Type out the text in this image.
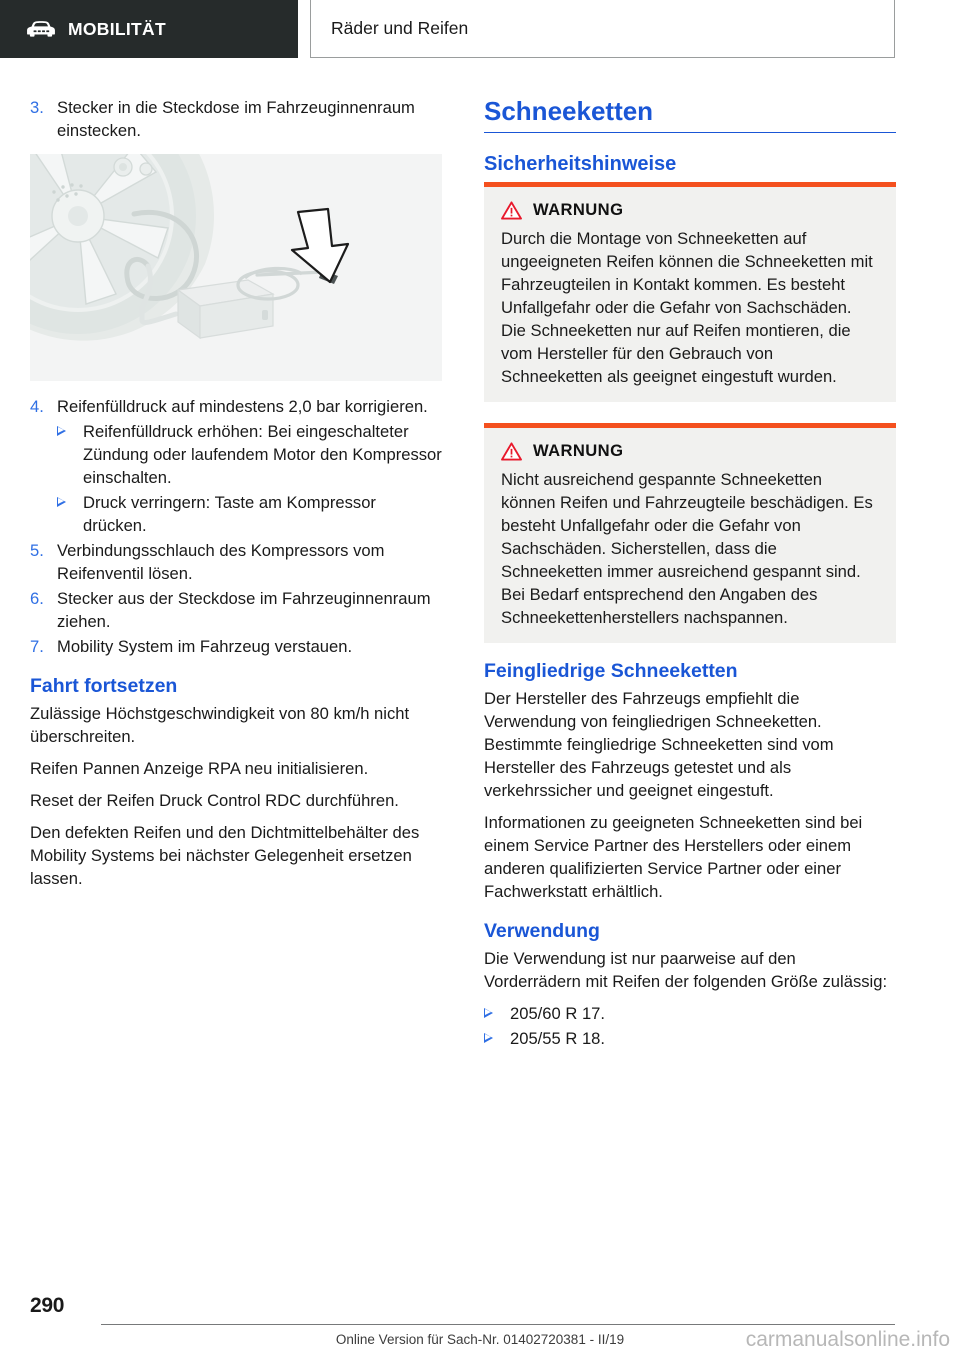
MOBILITÄT	Räder und Reifen
3. Stecker in die Steckdose im Fahrzeuginnenraum einstecken.
4. Reifenfülldruck auf mindestens 2,0 bar korrigieren.
Reifenfülldruck erhöhen: Bei eingeschalteter Zündung oder laufendem Motor den Kompressor einschalten.
Druck verringern: Taste am Kompressor drücken.
5. Verbindungsschlauch des Kompressors vom Reifenventil lösen.
6. Stecker aus der Steckdose im Fahrzeuginnenraum ziehen.
7. Mobility System im Fahrzeug verstauen.
Fahrt fortsetzen

Zulässige Höchstgeschwindigkeit von 80 km/h nicht überschreiten.

Reifen Pannen Anzeige RPA neu initialisieren.

Reset der Reifen Druck Control RDC durchführen.

Den defekten Reifen und den Dichtmittelbehälter des Mobility Systems bei nächster Gelegenheit ersetzen lassen.

Schneeketten
Sicherheitshinweise
WARNUNG

Durch die Montage von Schneeketten auf ungeeigneten Reifen können die Schneeketten mit Fahrzeugteilen in Kontakt kommen. Es besteht Unfallgefahr oder die Gefahr von Sachschäden. Die Schneeketten nur auf Reifen montieren, die vom Hersteller für den Gebrauch von Schneeketten als geeignet eingestuft wurden.

WARNUNG

Nicht ausreichend gespannte Schneeketten können Reifen und Fahrzeugteile beschädigen. Es besteht Unfallgefahr oder die Gefahr von Sachschäden. Sicherstellen, dass die Schneeketten immer ausreichend gespannt sind. Bei Bedarf entsprechend den Angaben des Schneekettenherstellers nachspannen.

Feingliedrige Schneeketten

Der Hersteller des Fahrzeugs empfiehlt die Verwendung von feingliedrigen Schneeketten. Bestimmte feingliedrige Schneeketten sind vom Hersteller des Fahrzeugs getestet und als verkehrssicher und geeignet eingestuft.

Informationen zu geeigneten Schneeketten sind bei einem Service Partner des Herstellers oder einem anderen qualifizierten Service Partner oder einer Fachwerkstatt erhältlich.

Verwendung

Die Verwendung ist nur paarweise auf den Vorderrädern mit Reifen der folgenden Größe zulässig:

205/60 R 17.
205/55 R 18.
290
Online Version für Sach-Nr. 01402720381 - II/19	carmanualsonline.info
